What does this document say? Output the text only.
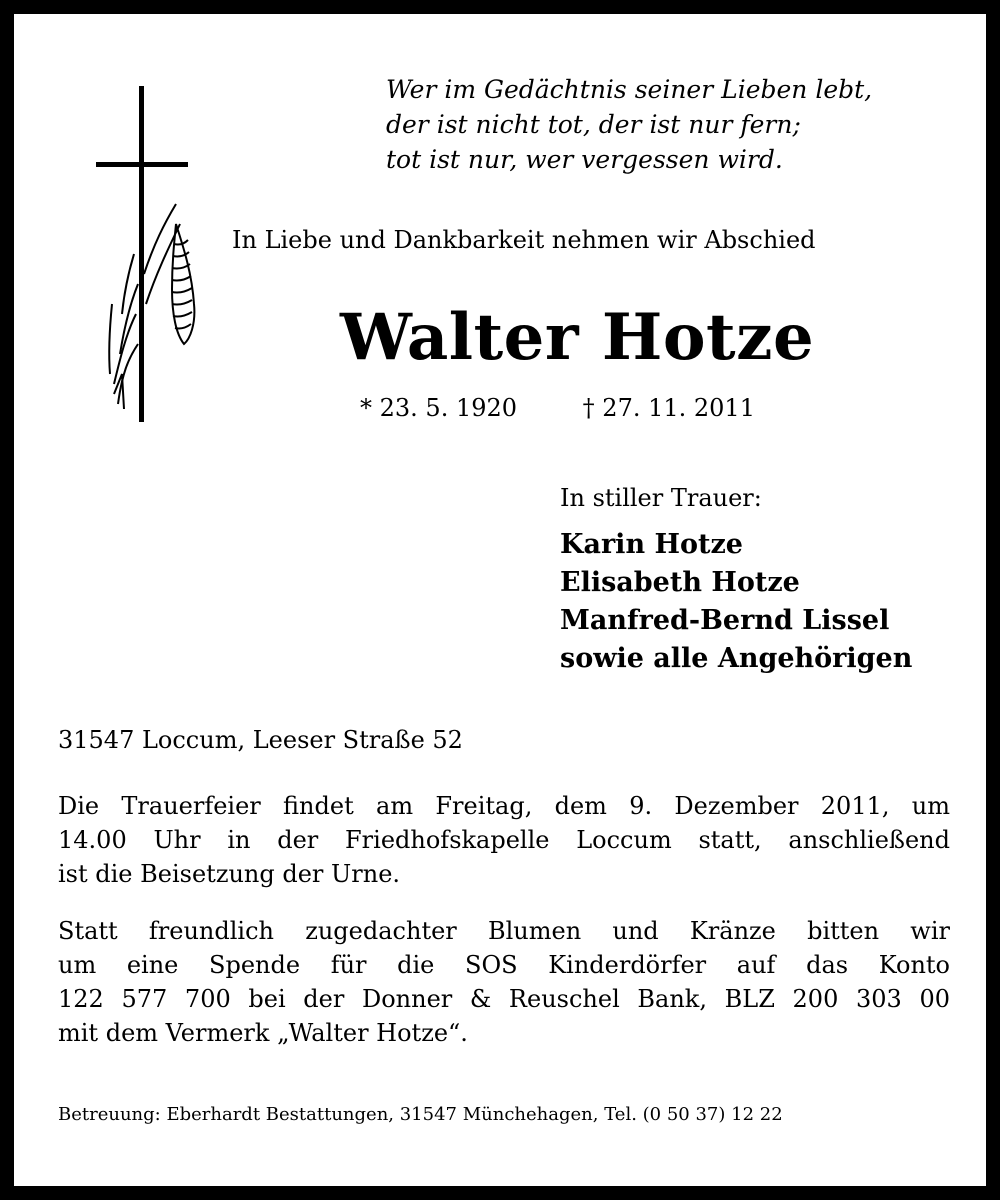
Wer im Gedächtnis seiner Lieben lebt,
der ist nicht tot, der ist nur fern;
tot ist nur, wer vergessen wird.
In Liebe und Dankbarkeit nehmen wir Abschied
Walter Hotze
* 23. 5. 1920	† 27. 11. 2011
In stiller Trauer:
Karin Hotze
Elisabeth Hotze
Manfred-Bernd Lissel
sowie alle Angehörigen
31547 Loccum, Leeser Straße 52
Die Trauerfeier findet am Freitag, dem 9. Dezember 2011, um
14.00 Uhr in der Friedhofskapelle Loccum statt, anschließend
ist die Beisetzung der Urne.
Statt freundlich zugedachter Blumen und Kränze bitten wir
um eine Spende für die SOS Kinderdörfer auf das Konto
122 577 700 bei der Donner & Reuschel Bank, BLZ 200 303 00
mit dem Vermerk „Walter Hotze“.
Betreuung: Eberhardt Bestattungen, 31547 Münchehagen, Tel. (0 50 37) 12 22
